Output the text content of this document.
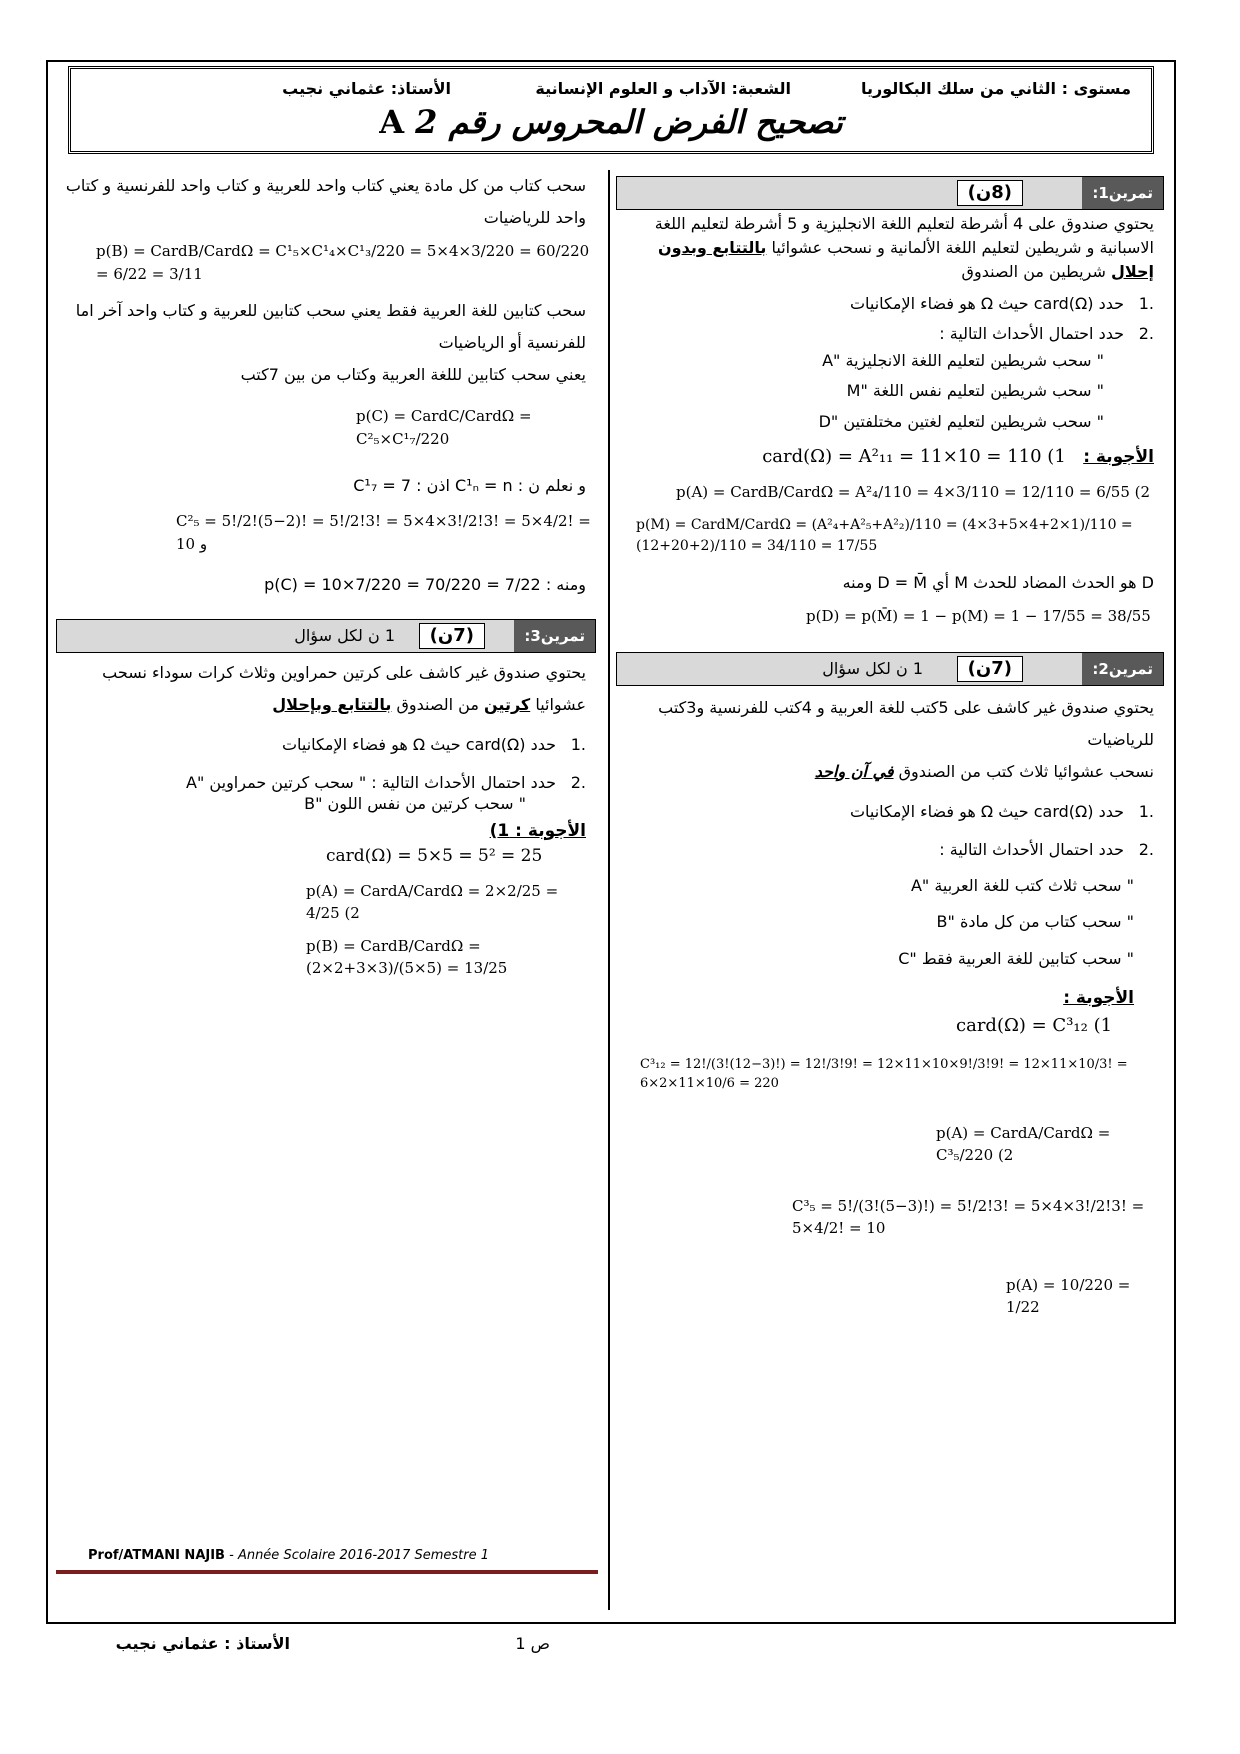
مستوى : الثاني من سلك البكالوريا
الشعبة: الآداب و العلوم الإنسانية
الأستاذ: عثماني نجيب
تصحيح الفرض المحروس رقم 2 A
تمرين1:
(8ن)

يحتوي صندوق على 4 أشرطة لتعليم اللغة الانجليزية و 5 أشرطة لتعليم اللغة الاسبانية و شريطين لتعليم اللغة الألمانية و نسحب عشوائيا بالتتابع وبدون إحلال شريطين من الصندوق

.1
حدد card(Ω) حيث Ω هو فضاء الإمكانيات

.2
حدد احتمال الأحداث التالية :

" سحب شريطين لتعليم اللغة الانجليزية "A
" سحب شريطين لتعليم نفس اللغة "M
" سحب شريطين لتعليم لغتين مختلفتين "D

الأجوبة : card(Ω) = A²₁₁ = 11×10 = 110 (1

p(A) = CardB/CardΩ = A²₄/110 = 4×3/110 = 12/110 = 6/55 (2

p(M) = CardM/CardΩ = (A²₄+A²₅+A²₂)/110 = (4×3+5×4+2×1)/110 = (12+20+2)/110 = 34/110 = 17/55

D هو الحدث المضاد للحدث M أي D = M̄ ومنه

p(D) = p(M̄) = 1 − p(M) = 1 − 17/55 = 38/55

تمرين2:
(7ن)
1 ن لكل سؤال

يحتوي صندوق غير كاشف على 5كتب للغة العربية و 4كتب للفرنسية و3كتب للرياضيات

نسحب عشوائيا ثلاث كتب من الصندوق في آن واحد

.1
حدد card(Ω) حيث Ω هو فضاء الإمكانيات

.2
حدد احتمال الأحداث التالية :

" سحب ثلاث كتب للغة العربية "A
" سحب كتاب من كل مادة "B
" سحب كتابين للغة العربية فقط "C

الأجوبة :

card(Ω) = C³₁₂ (1

C³₁₂ = 12!/(3!(12−3)!) = 12!/3!9! = 12×11×10×9!/3!9! = 12×11×10/3! = 6×2×11×10/6 = 220

p(A) = CardA/CardΩ = C³₅/220 (2

C³₅ = 5!/(3!(5−3)!) = 5!/2!3! = 5×4×3!/2!3! = 5×4/2! = 10

p(A) = 10/220 = 1/22

سحب كتاب من كل مادة يعني كتاب واحد للعربية و كتاب واحد للفرنسية و كتاب واحد للرياضيات

p(B) = CardB/CardΩ = C¹₅×C¹₄×C¹₃/220 = 5×4×3/220 = 60/220 = 6/22 = 3/11

سحب كتابين للغة العربية فقط يعني سحب كتابين للعربية و كتاب واحد آخر اما للفرنسية أو الرياضيات

يعني سحب كتابين لللغة العربية وكتاب من بين 7كتب

p(C) = CardC/CardΩ = C²₅×C¹₇/220

و نعلم ن : C¹ₙ = n اذن : C¹₇ = 7

C²₅ = 5!/2!(5−2)! = 5!/2!3! = 5×4×3!/2!3! = 5×4/2! = 10 و

ومنه : p(C) = 10×7/220 = 70/220 = 7/22

تمرين3:
(7ن)
1 ن لكل سؤال

يحتوي صندوق غير كاشف على كرتين حمراوين وثلاث كرات سوداء نسحب عشوائيا كرتين من الصندوق بالتتابع وبإحلال

.1
حدد card(Ω) حيث Ω هو فضاء الإمكانيات

.2
حدد احتمال الأحداث التالية : " سحب كرتين حمراوين "A
" سحب كرتين من نفس اللون "B

الأجوبة : 1)

card(Ω) = 5×5 = 5² = 25

p(A) = CardA/CardΩ = 2×2/25 = 4/25 (2

p(B) = CardB/CardΩ = (2×2+3×3)/(5×5) = 13/25

Prof/ATMANI NAJIB - Année Scolaire 2016-2017 Semestre 1
الأستاذ : عثماني نجيب	ص 1
